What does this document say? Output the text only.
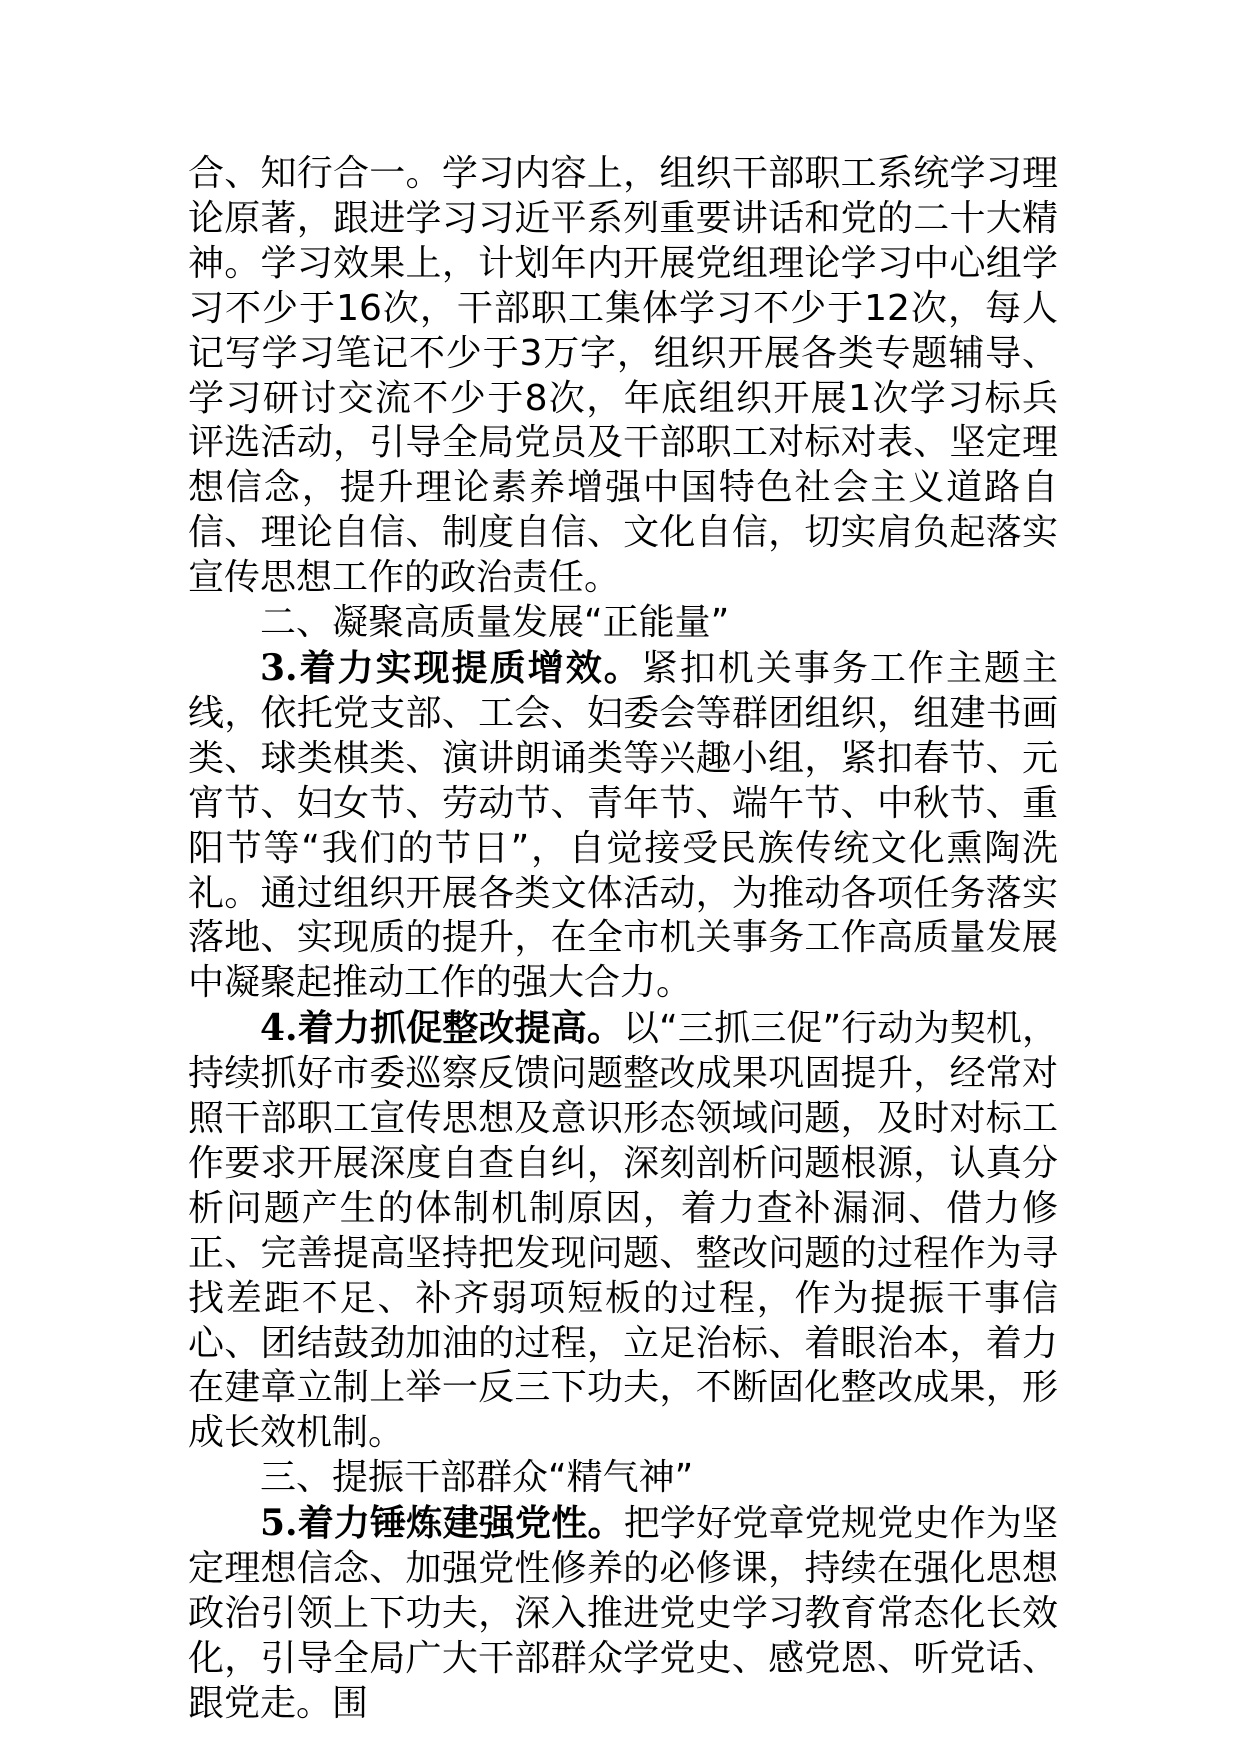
合、知行合一。学习内容上，组织干部职工系统学习理论原著，跟进学习习近平系列重要讲话和党的二十大精神。学习效果上，计划年内开展党组理论学习中心组学习不少于16次，干部职工集体学习不少于12次，每人记写学习笔记不少于3万字，组织开展各类专题辅导、学习研讨交流不少于8次，年底组织开展1次学习标兵评选活动，引导全局党员及干部职工对标对表、坚定理想信念，提升理论素养增强中国特色社会主义道路自信、理论自信、制度自信、文化自信，切实肩负起落实宣传思想工作的政治责任。

二、凝聚高质量发展“正能量”

3.着力实现提质增效。紧扣机关事务工作主题主线，依托党支部、工会、妇委会等群团组织，组建书画类、球类棋类、演讲朗诵类等兴趣小组，紧扣春节、元宵节、妇女节、劳动节、青年节、端午节、中秋节、重阳节等“我们的节日”，自觉接受民族传统文化熏陶洗礼。通过组织开展各类文体活动，为推动各项任务落实落地、实现质的提升，在全市机关事务工作高质量发展中凝聚起推动工作的强大合力。

4.着力抓促整改提高。以“三抓三促”行动为契机，持续抓好市委巡察反馈问题整改成果巩固提升，经常对照干部职工宣传思想及意识形态领域问题，及时对标工作要求开展深度自查自纠，深刻剖析问题根源，认真分析问题产生的体制机制原因，着力查补漏洞、借力修正、完善提高坚持把发现问题、整改问题的过程作为寻找差距不足、补齐弱项短板的过程，作为提振干事信心、团结鼓劲加油的过程，立足治标、着眼治本，着力在建章立制上举一反三下功夫，不断固化整改成果，形成长效机制。

三、提振干部群众“精气神”

5.着力锤炼建强党性。把学好党章党规党史作为坚定理想信念、加强党性修养的必修课，持续在强化思想政治引领上下功夫，深入推进党史学习教育常态化长效化，引导全局广大干部群众学党史、感党恩、听党话、跟党走。围
